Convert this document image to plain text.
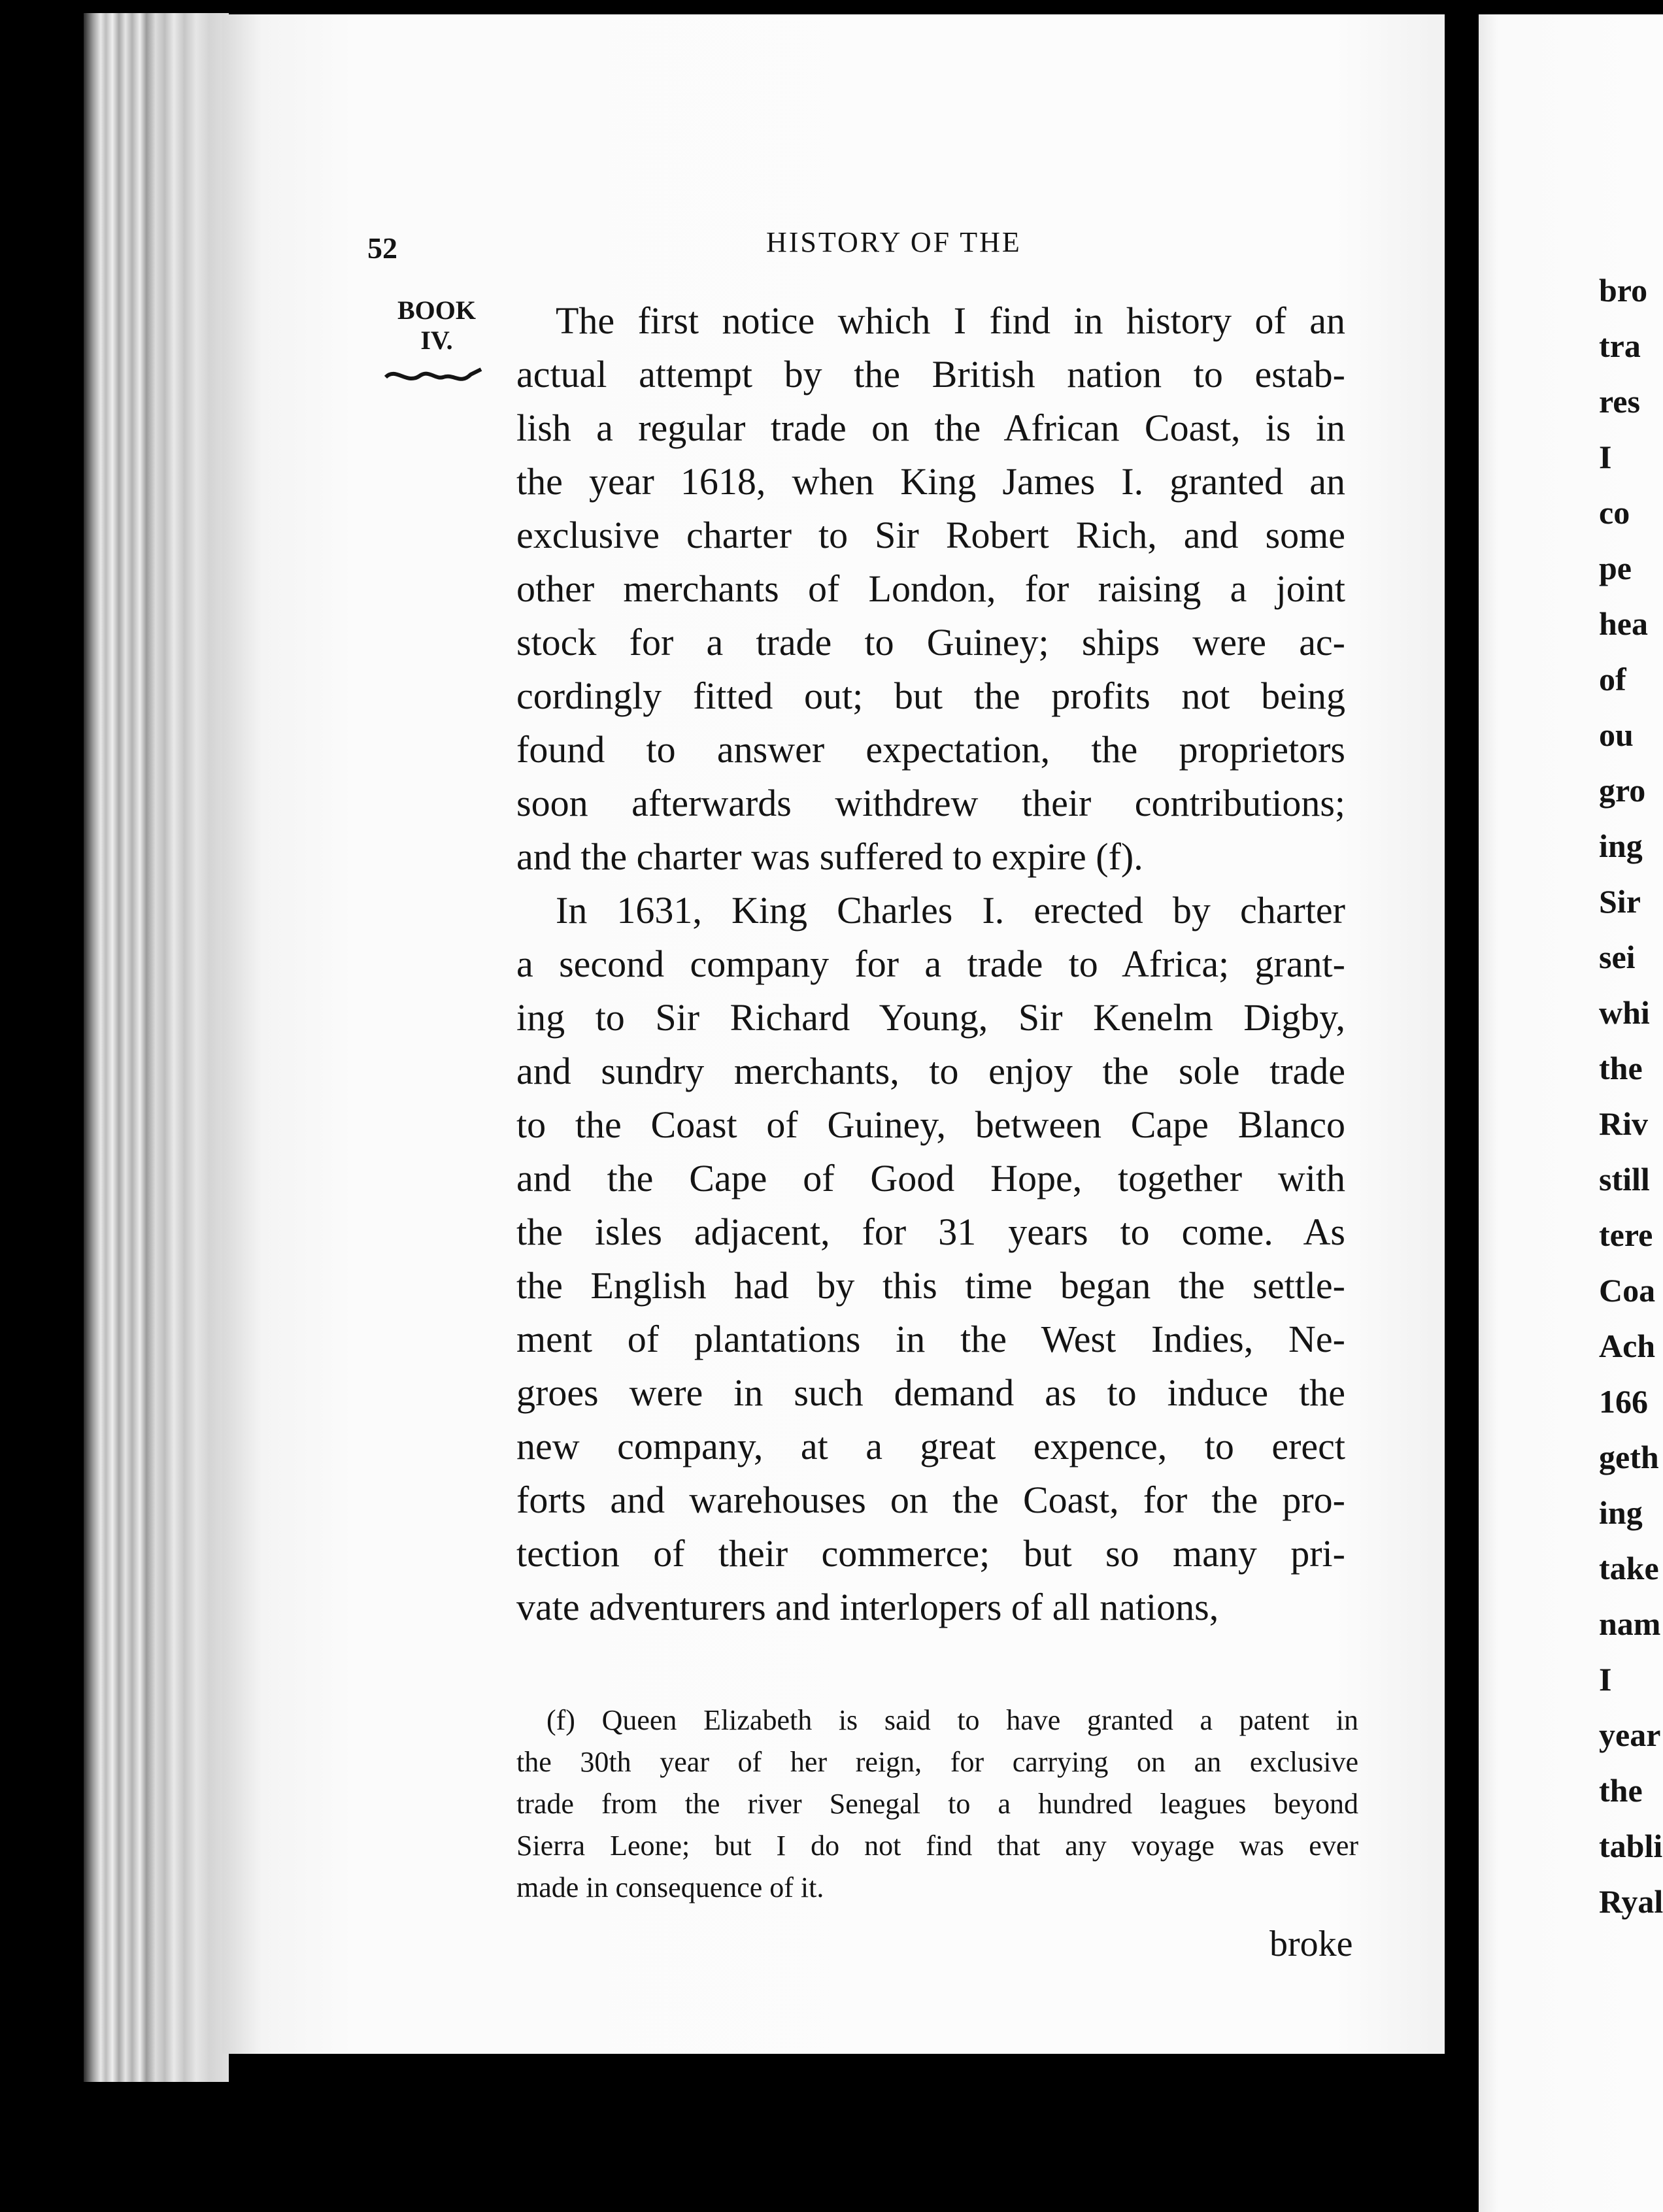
52	HISTORY OF THE
BOOK
IV.	The first notice which I find in history of an
actual attempt by the British nation to estab-
lish a regular trade on the African Coast, is in
the year 1618, when King James I. granted an
exclusive charter to Sir Robert Rich, and some
other merchants of London, for raising a joint
stock for a trade to Guiney; ships were ac-
cordingly fitted out; but the profits not being
found to answer expectation, the proprietors
soon afterwards withdrew their contributions;
and the charter was suffered to expire (f).
In 1631, King Charles I. erected by charter
a second company for a trade to Africa; grant-
ing to Sir Richard Young, Sir Kenelm Digby,
and sundry merchants, to enjoy the sole trade
to the Coast of Guiney, between Cape Blanco
and the Cape of Good Hope, together with
the isles adjacent, for 31 years to come. As
the English had by this time began the settle-
ment of plantations in the West Indies, Ne-
groes were in such demand as to induce the
new company, at a great expence, to erect
forts and warehouses on the Coast, for the pro-
tection of their commerce; but so many pri-
vate adventurers and interlopers of all nations,
(f) Queen Elizabeth is said to have granted a patent in
the 30th year of her reign, for carrying on an exclusive
trade from the river Senegal to a hundred leagues beyond
Sierra Leone; but I do not find that any voyage was ever
made in consequence of it.
broke
bro
tra
res
I
co
pe
hea
of
ou
gro
ing
Sir
sei
whi
the
Riv
still
tere
Coa
Ach
166
geth
ing
take
nam
I
year
the
tabli
Ryal
